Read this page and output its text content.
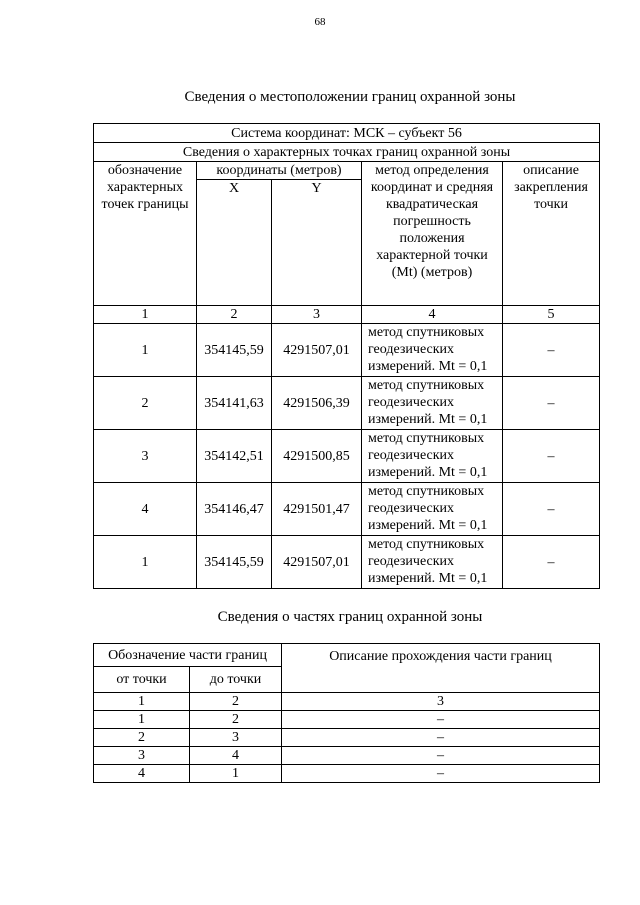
68
Сведения о местоположении границ охранной зоны
Система координат: МСК – субъект 56				
Сведения о характерных точках границ охранной зоны				
обозначение характерных точек границы	координаты (метров)		метод определения координат и средняя квадратическая погрешность положения характерной точки (Mt) (метров)	описание закрепления точки
	X	Y		
1	2	3	4	5
1	354145,59	4291507,01	метод спутниковых геодезических измерений. Mt = 0,1	–
2	354141,63	4291506,39	метод спутниковых геодезических измерений. Mt = 0,1	–
3	354142,51	4291500,85	метод спутниковых геодезических измерений. Mt = 0,1	–
4	354146,47	4291501,47	метод спутниковых геодезических измерений. Mt = 0,1	–
1	354145,59	4291507,01	метод спутниковых геодезических измерений. Mt = 0,1	–
Сведения о частях границ охранной зоны
Обозначение части границ		Описание прохождения части границ
от точки	до точки	
1	2	3
1	2	–
2	3	–
3	4	–
4	1	–
